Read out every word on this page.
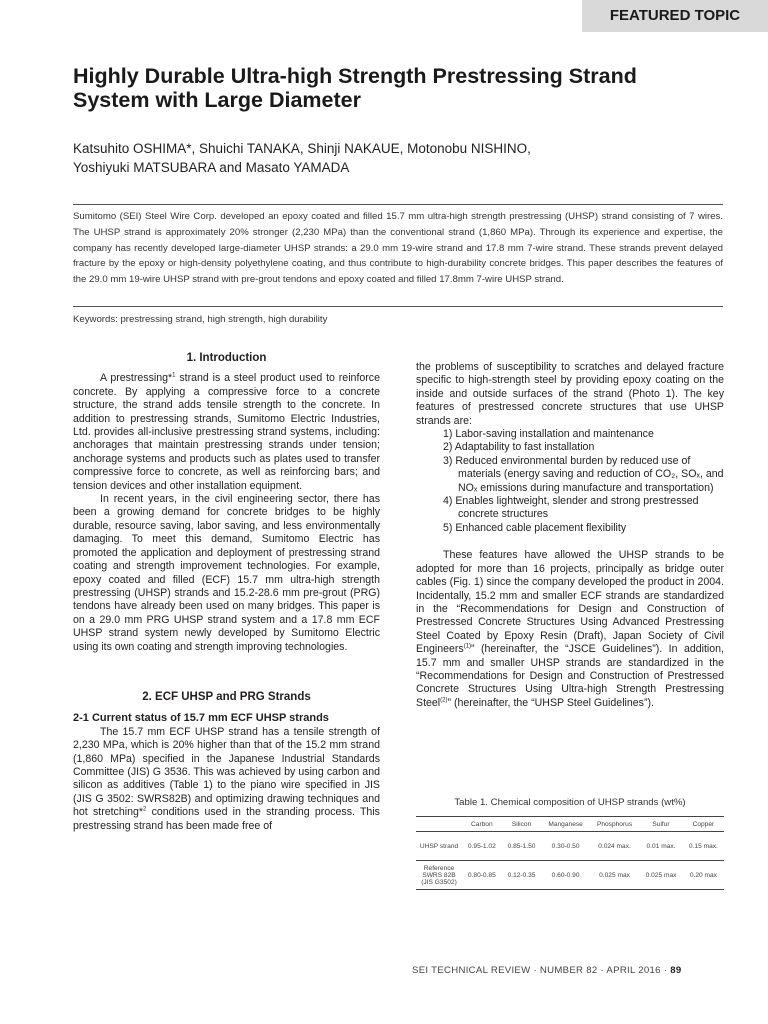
FEATURED TOPIC
Highly Durable Ultra-high Strength Prestressing Strand System with Large Diameter
Katsuhito OSHIMA*, Shuichi TANAKA, Shinji NAKAUE, Motonobu NISHINO,
Yoshiyuki MATSUBARA and Masato YAMADA
Sumitomo (SEI) Steel Wire Corp. developed an epoxy coated and filled 15.7 mm ultra-high strength prestressing (UHSP) strand consisting of 7 wires. The UHSP strand is approximately 20% stronger (2,230 MPa) than the conventional strand (1,860 MPa). Through its experience and expertise, the company has recently developed large-diameter UHSP strands: a 29.0 mm 19-wire strand and 17.8 mm 7-wire strand. These strands prevent delayed fracture by the epoxy or high-density polyethylene coating, and thus contribute to high-durability concrete bridges. This paper describes the features of the 29.0 mm 19-wire UHSP strand with pre-grout tendons and epoxy coated and filled 17.8mm 7-wire UHSP strand.
Keywords: prestressing strand, high strength, high durability
1. Introduction

A prestressing*$^1$ strand is a steel product used to reinforce concrete. By applying a compressive force to a concrete structure, the strand adds tensile strength to the concrete. In addition to prestressing strands, Sumitomo Electric Industries, Ltd. provides all-inclusive prestressing strand systems, including: anchorages that maintain prestressing strands under tension; anchorage systems and products such as plates used to transfer compressive force to concrete, as well as reinforcing bars; and tension devices and other installation equipment.

In recent years, in the civil engineering sector, there has been a growing demand for concrete bridges to be highly durable, resource saving, labor saving, and less environmentally damaging. To meet this demand, Sumitomo Electric has promoted the application and deployment of prestressing strand coating and strength improvement technologies. For example, epoxy coated and filled (ECF) 15.7 mm ultra-high strength prestressing (UHSP) strands and 15.2-28.6 mm pre-grout (PRG) tendons have already been used on many bridges. This paper is on a 29.0 mm PRG UHSP strand system and a 17.8 mm ECF UHSP strand system newly developed by Sumitomo Electric using its own coating and strength improving technologies.

2. ECF UHSP and PRG Strands
2-1 Current status of 15.7 mm ECF UHSP strands

The 15.7 mm ECF UHSP strand has a tensile strength of 2,230 MPa, which is 20% higher than that of the 15.2 mm strand (1,860 MPa) specified in the Japanese Industrial Standards Committee (JIS) G 3536. This was achieved by using carbon and silicon as additives (Table 1) to the piano wire specified in JIS (JIS G 3502: SWRS82B) and optimizing drawing techniques and hot stretching*$^2$ conditions used in the stranding process. This prestressing strand has been made free of

the problems of susceptibility to scratches and delayed fracture specific to high-strength steel by providing epoxy coating on the inside and outside surfaces of the strand (Photo 1). The key features of prestressed concrete structures that use UHSP strands are:

1) Labor-saving installation and maintenance
2) Adaptability to fast installation
3) Reduced environmental burden by reduced use of materials (energy saving and reduction of CO₂, SOₓ, and NOₓ emissions during manufacture and transportation)
4) Enables lightweight, slender and strong prestressed concrete structures
5) Enhanced cable placement flexibility

These features have allowed the UHSP strands to be adopted for more than 16 projects, principally as bridge outer cables (Fig. 1) since the company developed the product in 2004. Incidentally, 15.2 mm and smaller ECF strands are standardized in the “Recommendations for Design and Construction of Prestressed Concrete Structures Using Advanced Prestressing Steel Coated by Epoxy Resin (Draft), Japan Society of Civil Engineers$^{(1)}$” (hereinafter, the “JSCE Guidelines”). In addition, 15.7 mm and smaller UHSP strands are standardized in the “Recommendations for Design and Construction of Prestressed Concrete Structures Using Ultra-high Strength Prestressing Steel$^{(2)}$” (hereinafter, the “UHSP Steel Guidelines”).

Table 1. Chemical composition of UHSP strands (wt%)
	Carbon	Silicon	Manganese	Phosphorus	Sulfur	Copper
UHSP strand	0.95-1.02	0.85-1.50	0.30-0.50	0.024 max.	0.01 max.	0.15 max.
Reference SWRS 82B (JIS G3502)	0.80-0.85	0.12-0.35	0.60-0.90	0.025 max	0.025 max	0.20 max
SEI TECHNICAL REVIEW · NUMBER 82 · APRIL 2016 · 89
